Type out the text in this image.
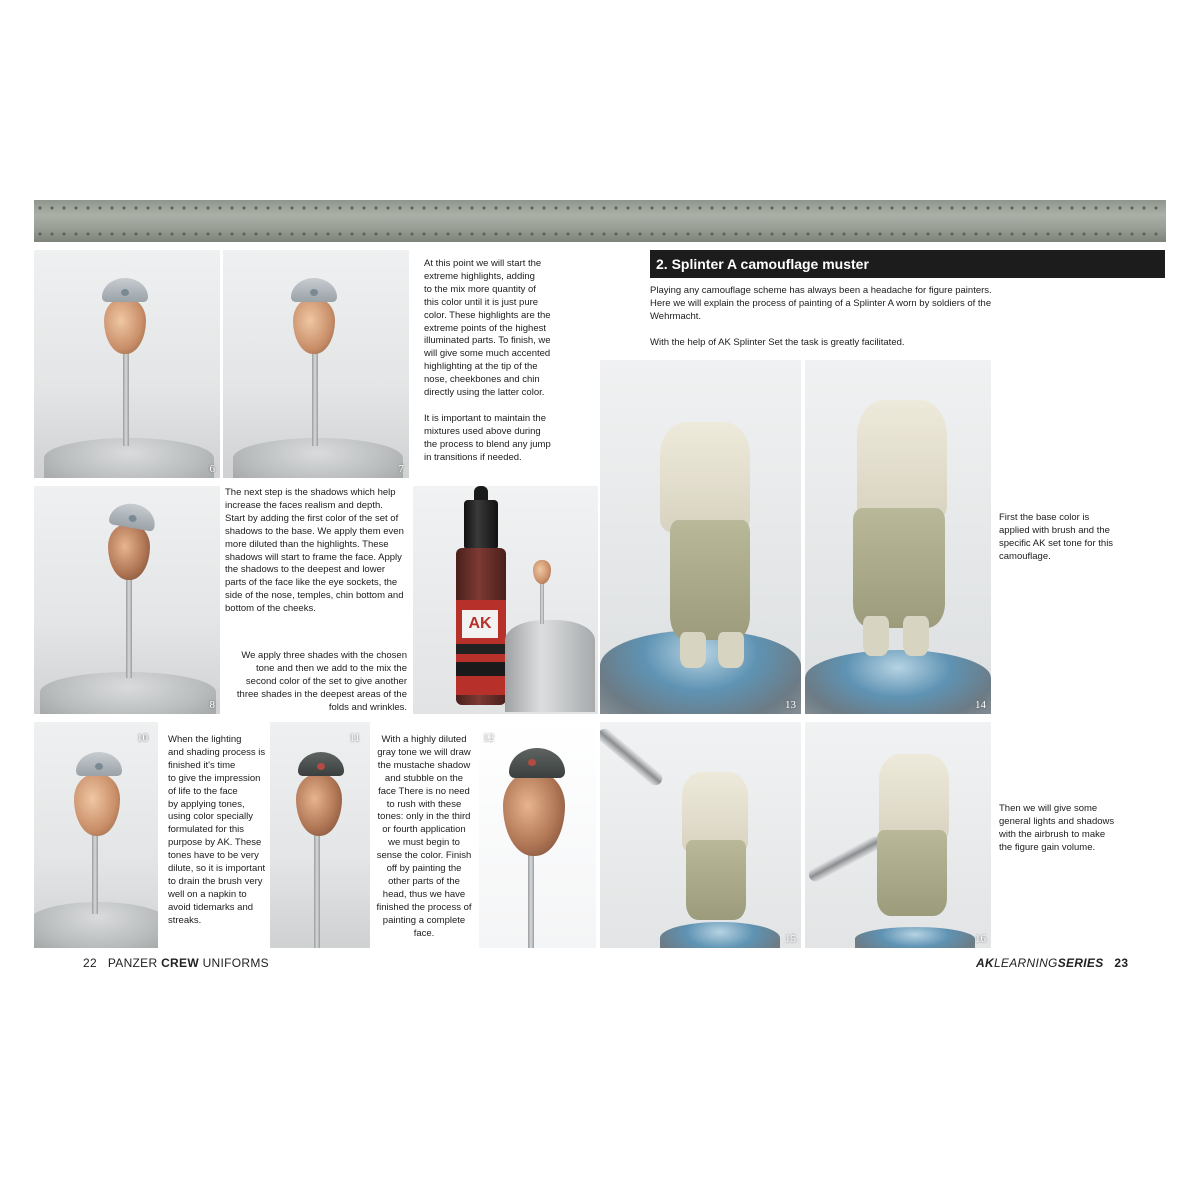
6	7
At this point we will start the
extreme highlights, adding
to the mix more quantity of
this color until it is just pure
color. These highlights are the
extreme points of the highest
illuminated parts. To finish, we
will give some much accented
highlighting at the tip of the
nose, cheekbones and chin
directly using the latter color.

It is important to maintain the
mixtures used above during
the process to blend any jump
in transitions if needed.
8
The next step is the shadows which help
increase the faces realism and depth.
Start by adding the first color of the set of
shadows to the base. We apply them even
more diluted than the highlights. These
shadows will start to frame the face. Apply
the shadows to the deepest and lower
parts of the face like the eye sockets, the
side of the nose, temples, chin bottom and
bottom of the cheeks.
We apply three shades with the chosen
tone and then we add to the mix the
second color of the set to give another
three shades in the deepest areas of the
folds and wrinkles.
AK
10 When the lighting
and shading process is
finished it's time
to give the impression
of life to the face
by applying tones,
using color specially
formulated for this
purpose by AK. These
tones have to be very
dilute, so it is important
to drain the brush very
well on a napkin to
avoid tidemarks and
streaks.
11	With a highly diluted
gray tone we will draw
the mustache shadow
and stubble on the
face There is no need
to rush with these
tones: only in the third
or fourth application
we must begin to
sense the color. Finish
off by painting the
other parts of the
head, thus we have
finished the process of
painting a complete
face.
12
2. Splinter A camouflage muster
Playing any camouflage scheme has always been a headache for figure painters.
Here we will explain the process of painting of a Splinter A worn by soldiers of the
Wehrmacht.

With the help of AK Splinter Set the task is greatly facilitated.
13	14
First the base color is
applied with brush and the
specific AK set tone for this
camouflage.
15	16
Then we will give some
general lights and shadows
with the airbrush to make
the figure gain volume.
22 PANZER CREW UNIFORMS	AKLEARNINGSERIES 23
